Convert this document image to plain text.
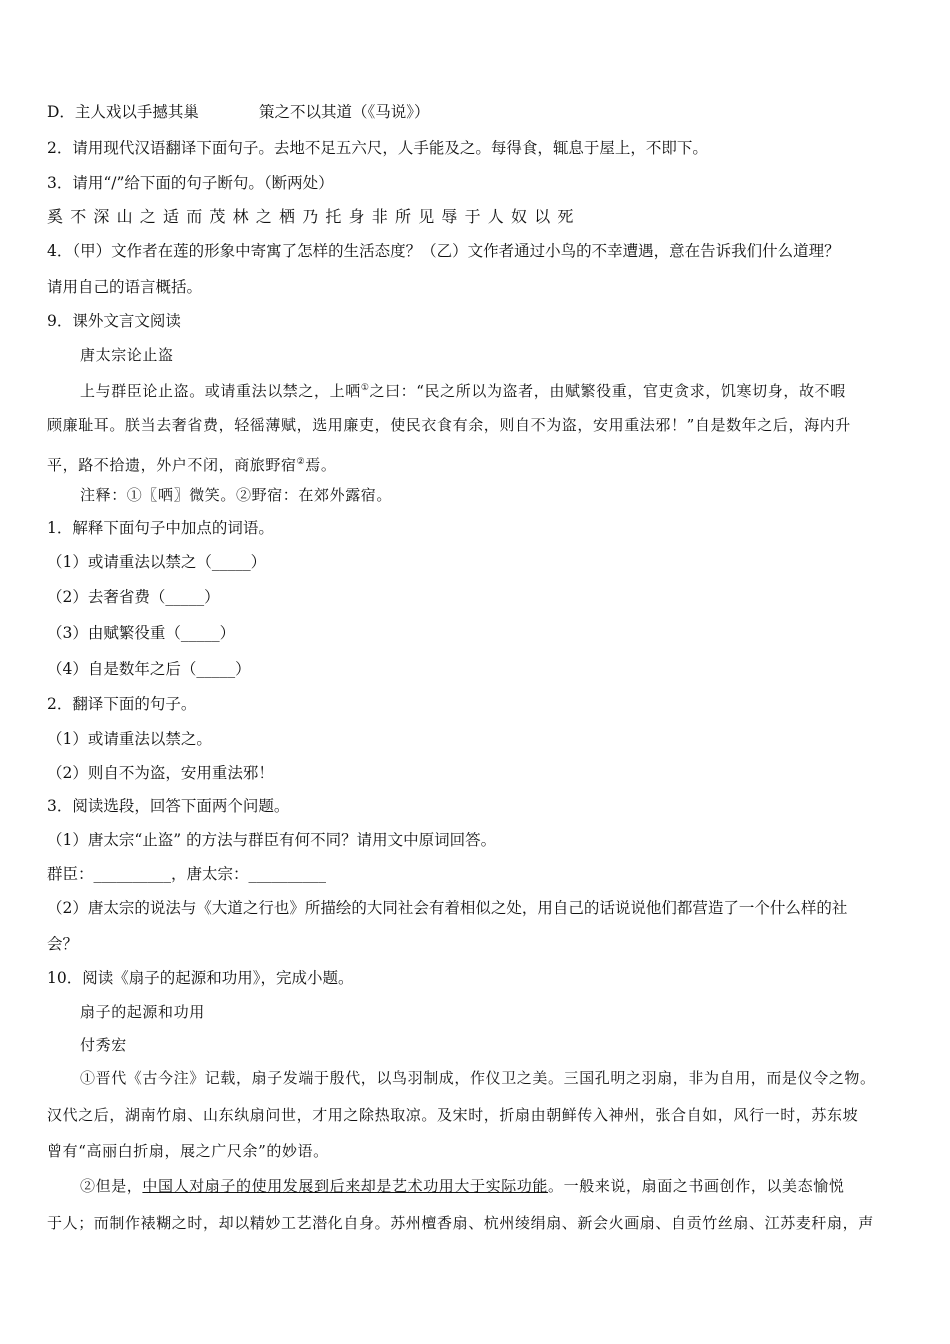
D．主人戏以手撼其巢	策之不以其道（《马说》）
2．请用现代汉语翻译下面句子。去地不足五六尺，人手能及之。每得食，辄息于屋上，不即下。
3．请用“/”给下面的句子断句。（断两处）
奚不深山之适而茂林之栖乃托身非所见辱于人奴以死
4．（甲）文作者在莲的形象中寄寓了怎样的生活态度？（乙）文作者通过小鸟的不幸遭遇，意在告诉我们什么道理？
请用自己的语言概括。
9．课外文言文阅读
唐太宗论止盗
上与群臣论止盗。或请重法以禁之，上哂①之曰：“民之所以为盗者，由赋繁役重，官吏贪求，饥寒切身，故不暇
顾廉耻耳。朕当去奢省费，轻徭薄赋，选用廉吏，使民衣食有余，则自不为盗，安用重法邪！”自是数年之后，海内升
平，路不拾遗，外户不闭，商旅野宿②焉。
注释：①〖哂〗微笑。②野宿：在郊外露宿。
1．解释下面句子中加点的词语。
（1）或请重法以禁之（_____）
（2）去奢省费（_____）
（3）由赋繁役重（_____）
（4）自是数年之后（_____）
2．翻译下面的句子。
（1）或请重法以禁之。
（2）则自不为盗，安用重法邪！
3．阅读选段，回答下面两个问题。
（1）唐太宗“止盗” 的方法与群臣有何不同？请用文中原词回答。
群臣：__________，唐太宗：__________
（2）唐太宗的说法与《大道之行也》所描绘的大同社会有着相似之处，用自己的话说说他们都营造了一个什么样的社
会？
10．阅读《扇子的起源和功用》，完成小题。
扇子的起源和功用
付秀宏
①晋代《古今注》记载，扇子发端于殷代，以鸟羽制成，作仪卫之美。三国孔明之羽扇，非为自用，而是仪令之物。
汉代之后，湖南竹扇、山东纨扇问世，才用之除热取凉。及宋时，折扇由朝鲜传入神州，张合自如，风行一时，苏东坡
曾有“高丽白折扇，展之广尺余”的妙语。
②但是，中国人对扇子的使用发展到后来却是艺术功用大于实际功能。一般来说，扇面之书画创作，以美态愉悦
于人；而制作裱糊之时，却以精妙工艺潜化自身。苏州檀香扇、杭州绫绢扇、新会火画扇、自贡竹丝扇、江苏麦秆扇，声
